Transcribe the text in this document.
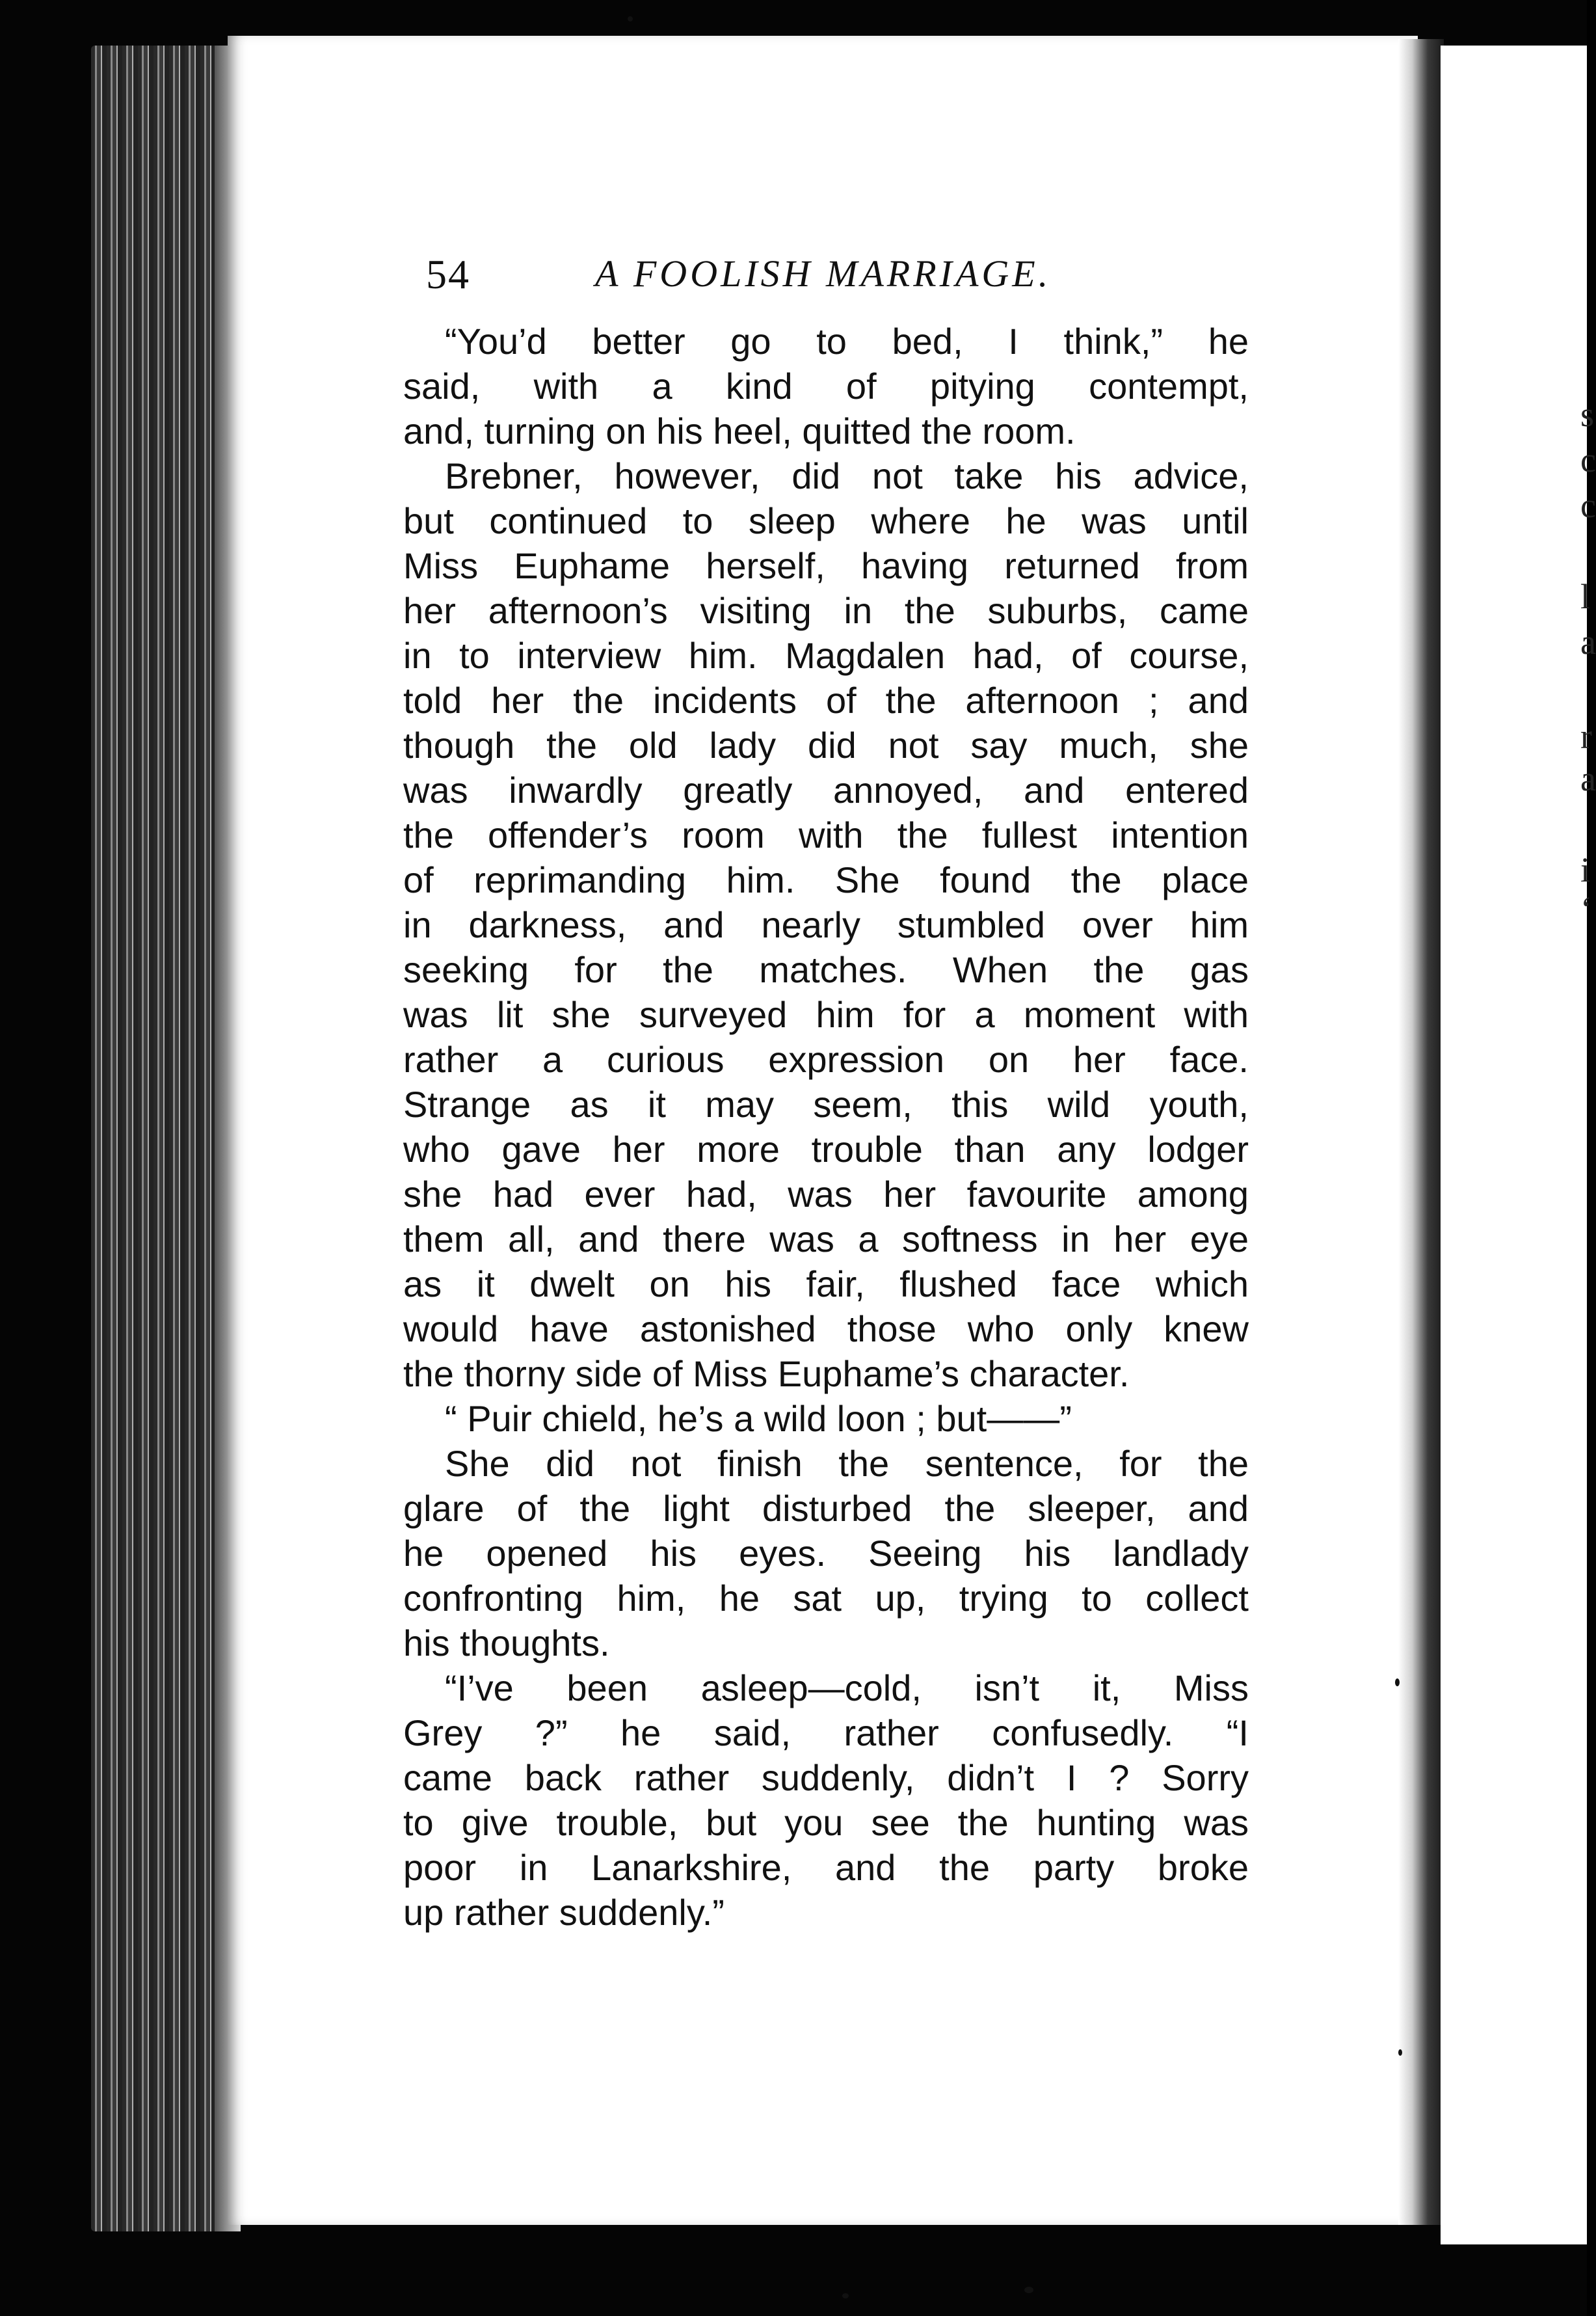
s
c
c
l
a
r
a
i
‘
54	A FOOLISH MARRIAGE.
“You’d better go to bed, I think,” he
said, with a kind of pitying contempt,
and, turning on his heel, quitted the room.
Brebner, however, did not take his advice,
but continued to sleep where he was until
Miss Euphame herself, having returned from
her afternoon’s visiting in the suburbs, came
in to interview him. Magdalen had, of course,
told her the incidents of the afternoon ; and
though the old lady did not say much, she
was inwardly greatly annoyed, and entered
the offender’s room with the fullest intention
of reprimanding him. She found the place
in darkness, and nearly stumbled over him
seeking for the matches. When the gas
was lit she surveyed him for a moment with
rather a curious expression on her face.
Strange as it may seem, this wild youth,
who gave her more trouble than any lodger
she had ever had, was her favourite among
them all, and there was a softness in her eye
as it dwelt on his fair, flushed face which
would have astonished those who only knew
the thorny side of Miss Euphame’s character.
“ Puir chield, he’s a wild loon ; but——”
She did not finish the sentence, for the
glare of the light disturbed the sleeper, and
he opened his eyes. Seeing his landlady
confronting him, he sat up, trying to collect
his thoughts.
“I’ve been asleep—cold, isn’t it, Miss
Grey ?” he said, rather confusedly. “I
came back rather suddenly, didn’t I ? Sorry
to give trouble, but you see the hunting was
poor in Lanarkshire, and the party broke
up rather suddenly.”
